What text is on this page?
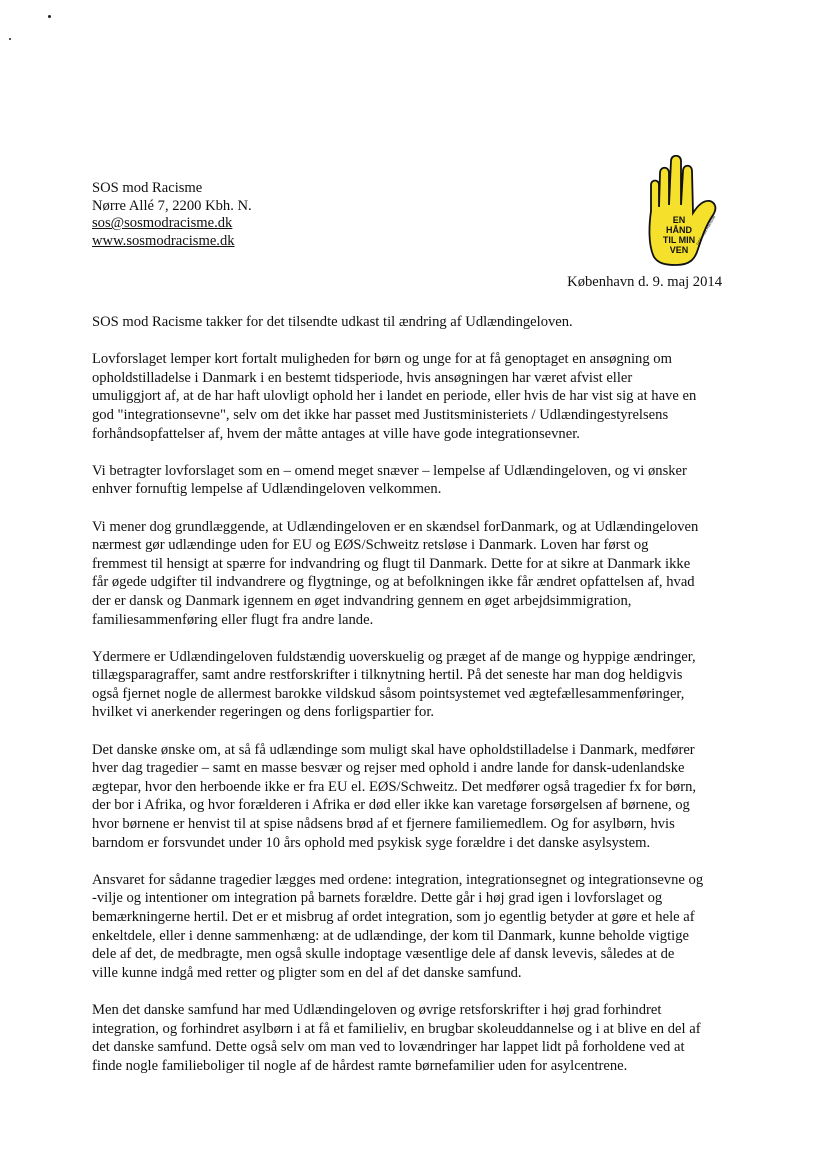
SOS mod Racisme
Nørre Allé 7, 2200 Kbh. N.
sos@sosmodracisme.dk
www.sosmodracisme.dk
EN
HÅND
TIL MIN
VEN
SOS mod Racisme
København d. 9. maj 2014

SOS mod Racisme takker for det tilsendte udkast til ændring af Udlændingeloven.

Lovforslaget lemper kort fortalt muligheden for børn og unge for at få genoptaget en ansøgning om
opholdstilladelse i Danmark i en bestemt tidsperiode, hvis ansøgningen har været afvist eller
umuliggjort af, at de har haft ulovligt ophold her i landet en periode, eller hvis de har vist sig at have en
god "integrationsevne", selv om det ikke har passet med Justitsministeriets / Udlændingestyrelsens
forhåndsopfattelser af, hvem der måtte antages at ville have gode integrationsevner.

Vi betragter lovforslaget som en – omend meget snæver – lempelse af Udlændingeloven, og vi ønsker
enhver fornuftig lempelse af Udlændingeloven velkommen.

Vi mener dog grundlæggende, at Udlændingeloven er en skændsel forDanmark, og at Udlændingeloven
nærmest gør udlændinge uden for EU og EØS/Schweitz retsløse i Danmark. Loven har først og
fremmest til hensigt at spærre for indvandring og flugt til Danmark. Dette for at sikre at Danmark ikke
får øgede udgifter til indvandrere og flygtninge, og at befolkningen ikke får ændret opfattelsen af, hvad
der er dansk og Danmark igennem en øget indvandring gennem en øget arbejdsimmigration,
familiesammenføring eller flugt fra andre lande.

Ydermere er Udlændingeloven fuldstændig uoverskuelig og præget af de mange og hyppige ændringer,
tillægsparagraffer, samt andre restforskrifter i tilknytning hertil. På det seneste har man dog heldigvis
også fjernet nogle de allermest barokke vildskud såsom pointsystemet ved ægtefællesammenføringer,
hvilket vi anerkender regeringen og dens forligspartier for.

Det danske ønske om, at så få udlændinge som muligt skal have opholdstilladelse i Danmark, medfører
hver dag tragedier – samt en masse besvær og rejser med ophold i andre lande for dansk-udenlandske
ægtepar, hvor den herboende ikke er fra EU el. EØS/Schweitz. Det medfører også tragedier fx for børn,
der bor i Afrika, og hvor forælderen i Afrika er død eller ikke kan varetage forsørgelsen af børnene, og
hvor børnene er henvist til at spise nådsens brød af et fjernere familiemedlem. Og for asylbørn, hvis
barndom er forsvundet under 10 års ophold med psykisk syge forældre i det danske asylsystem.

Ansvaret for sådanne tragedier lægges med ordene: integration, integrationsegnet og integrationsevne og
-vilje og intentioner om integration på barnets forældre. Dette går i høj grad igen i lovforslaget og
bemærkningerne hertil. Det er et misbrug af ordet integration, som jo egentlig betyder at gøre et hele af
enkeltdele, eller i denne sammenhæng: at de udlændinge, der kom til Danmark, kunne beholde vigtige
dele af det, de medbragte, men også skulle indoptage væsentlige dele af dansk levevis, således at de
ville kunne indgå med retter og pligter som en del af det danske samfund.

Men det danske samfund har med Udlændingeloven og øvrige retsforskrifter i høj grad forhindret
integration, og forhindret asylbørn i at få et familieliv, en brugbar skoleuddannelse og i at blive en del af
det danske samfund. Dette også selv om man ved to lovændringer har lappet lidt på forholdene ved at
finde nogle familieboliger til nogle af de hårdest ramte børnefamilier uden for asylcentrene.
